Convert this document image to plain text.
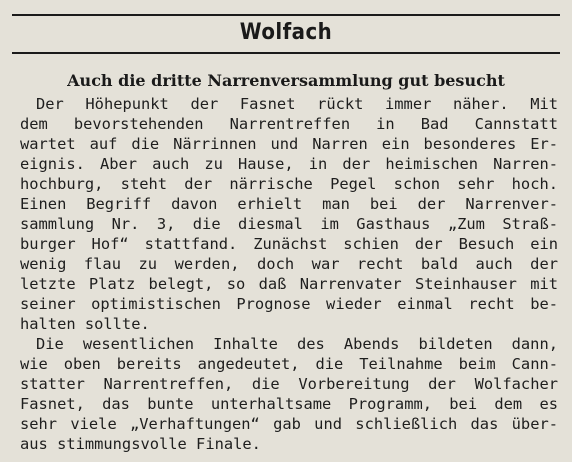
Wolfach
Auch die dritte Narrenversammlung gut besucht
Der Höhepunkt der Fasnet rückt immer näher. Mit
dem bevorstehenden Narrentreffen in Bad Cannstatt
wartet auf die Närrinnen und Narren ein besonderes Er-
eignis. Aber auch zu Hause, in der heimischen Narren-
hochburg, steht der närrische Pegel schon sehr hoch.
Einen Begriff davon erhielt man bei der Narrenver-
sammlung Nr. 3, die diesmal im Gasthaus „Zum Straß-
burger Hof“ stattfand. Zunächst schien der Besuch ein
wenig flau zu werden, doch war recht bald auch der
letzte Platz belegt, so daß Narrenvater Steinhauser mit
seiner optimistischen Prognose wieder einmal recht be-
halten sollte.
Die wesentlichen Inhalte des Abends bildeten dann,
wie oben bereits angedeutet, die Teilnahme beim Cann-
statter Narrentreffen, die Vorbereitung der Wolfacher
Fasnet, das bunte unterhaltsame Programm, bei dem es
sehr viele „Verhaftungen“ gab und schließlich das über-
aus stimmungsvolle Finale.
